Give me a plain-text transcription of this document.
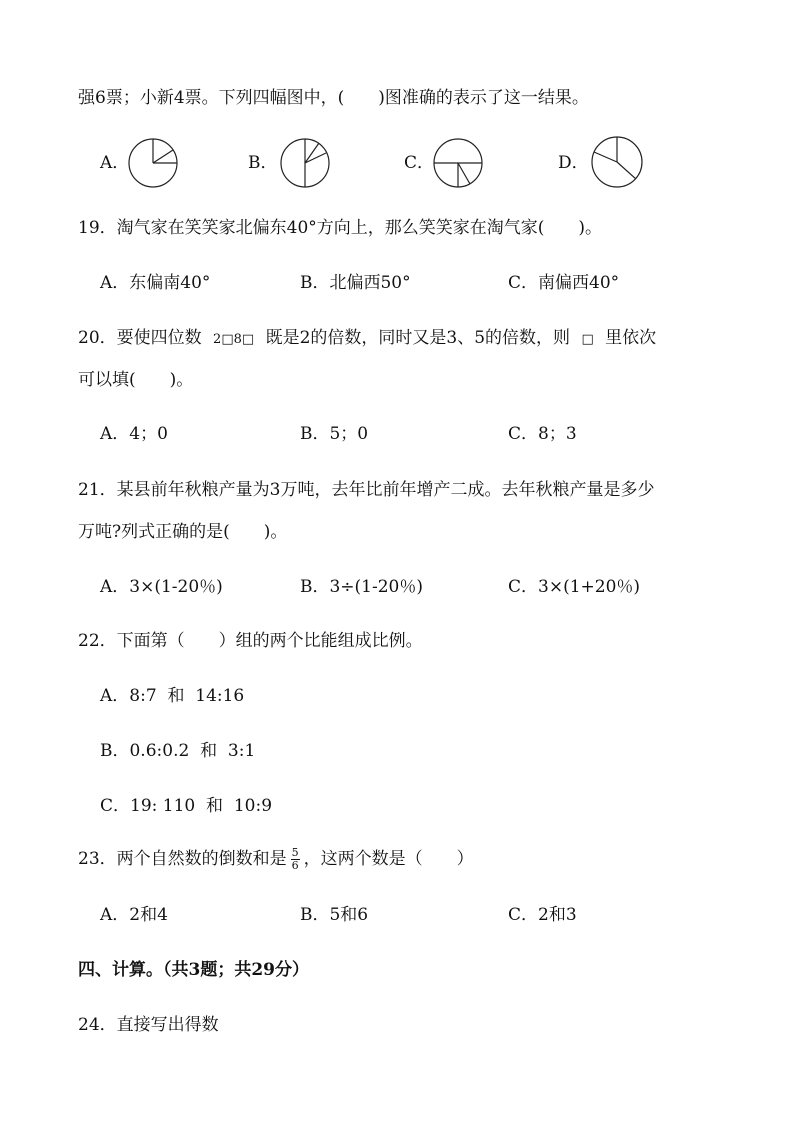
强6票；小新4票。下列四幅图中，(　　)图准确的表示了这一结果。
A．	B．	C．	D．
19．淘气家在笑笑家北偏东40°方向上，那么笑笑家在淘气家(　　)。
A．东偏南40°	B．北偏西50°	C．南偏西40°
20．要使四位数 2□8□ 既是2的倍数，同时又是3、5的倍数，则 □ 里依次
可以填(　　)。
A．4；0	B．5；0	C．8；3
21．某县前年秋粮产量为3万吨，去年比前年增产二成。去年秋粮产量是多少
万吨?列式正确的是(　　)。
A．3×(1-20％)	B．3÷(1-20％)	C．3×(1+20％)
22．下面第（　　）组的两个比能组成比例。
A．8:7  和  14:16
B．0.6:0.2  和  3:1
C．19: 110  和  10:9
23．两个自然数的倒数和是 $\frac{5}{6}$ ，这两个数是（　　）
A．2和4	B．5和6	C．2和3
四、计算。（共3题；共29分）
24．直接写出得数
